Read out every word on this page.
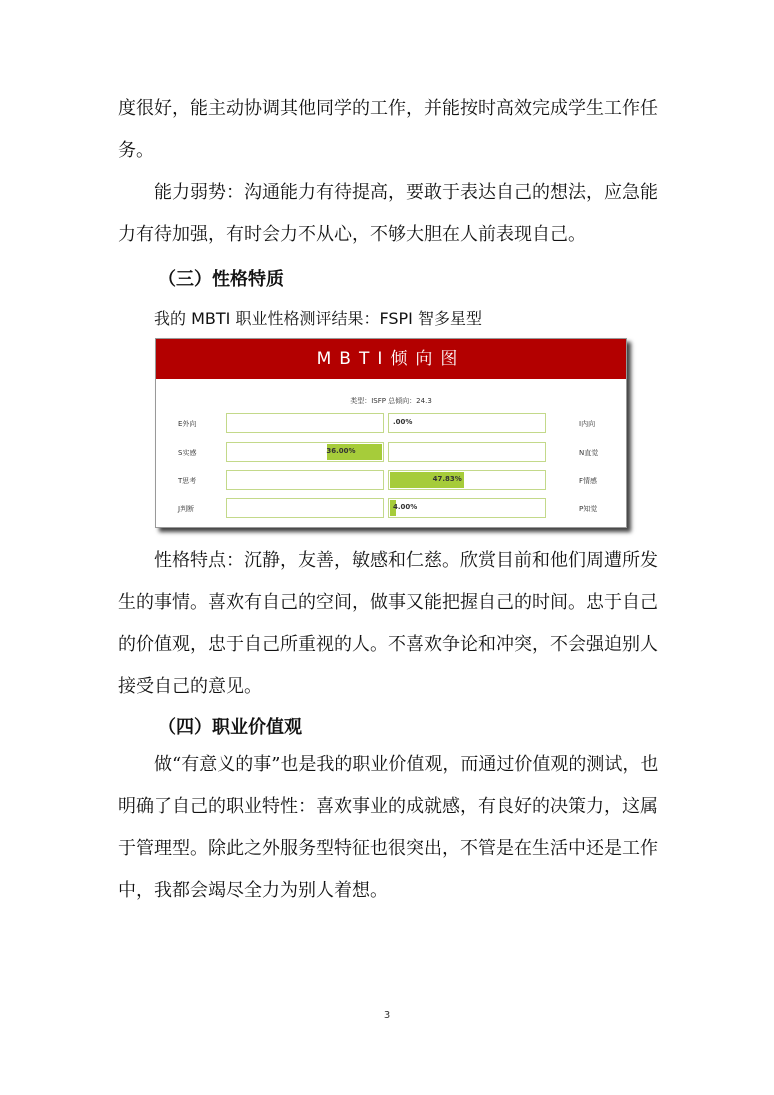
度很好，能主动协调其他同学的工作，并能按时高效完成学生工作任务。

能力弱势：沟通能力有待提高，要敢于表达自己的想法，应急能力有待加强，有时会力不从心，不够大胆在人前表现自己。

（三）性格特质

我的 MBTI 职业性格测评结果：FSPI 智多星型

MBTI倾向图
类型：ISFP 总倾向：24.3
E外向	.00%	I内向
S实感	36.00%	N直觉
T思考	47.83%	F情感
J判断	4.00%	P知觉

性格特点：沉静，友善，敏感和仁慈。欣赏目前和他们周遭所发生的事情。喜欢有自己的空间，做事又能把握自己的时间。忠于自己的价值观，忠于自己所重视的人。不喜欢争论和冲突，不会强迫别人接受自己的意见。

（四）职业价值观

做“有意义的事”也是我的职业价值观，而通过价值观的测试，也明确了自己的职业特性：喜欢事业的成就感，有良好的决策力，这属于管理型。除此之外服务型特征也很突出，不管是在生活中还是工作中，我都会竭尽全力为别人着想。

3
